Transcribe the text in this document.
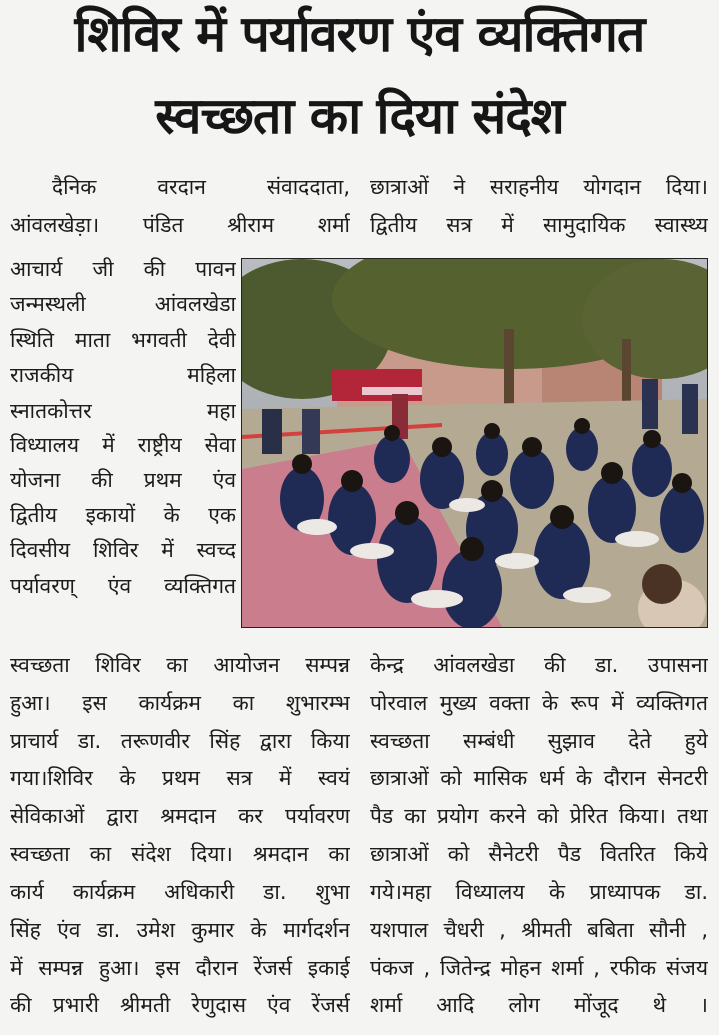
शिविर में पर्यावरण एंव व्यक्तिगत
स्वच्छता का दिया संदेश
दैनिक वरदान संवाददाता,
आंवलखेड़ा। पंडित श्रीराम शर्मा
आचार्य जी की पावन
जन्मस्थली आंवलखेडा
स्थिति माता भगवती देवी
राजकीय महिला
स्नातकोत्तर महा
विध्यालय में राष्ट्रीय सेवा
योजना की प्रथम एंव
द्वितीय इकायों के एक
दिवसीय शिविर में स्वच्द
पर्यावरण् एंव व्यक्तिगत
स्वच्छता शिविर का आयोजन सम्पन्न
हुआ। इस कार्यक्रम का शुभारम्भ
प्राचार्य डा. तरूणवीर सिंह द्वारा किया
गया।शिविर के प्रथम सत्र में स्वयं
सेविकाओं द्वारा श्रमदान कर पर्यावरण
स्वच्छता का संदेश दिया। श्रमदान का
कार्य कार्यक्रम अधिकारी डा. शुभा
सिंह एंव डा. उमेश कुमार के मार्गदर्शन
में सम्पन्न हुआ। इस दौरान रेंजर्स इकाई
की प्रभारी श्रीमती रेणुदास एंव रेंजर्स
छात्राओं ने सराहनीय योगदान दिया।
द्वितीय सत्र में सामुदायिक स्वास्थ्य
केन्द्र आंवलखेडा की डा. उपासना
पोरवाल मुख्य वक्ता के रूप में व्यक्तिगत
स्वच्छता सम्बंधी सुझाव देते हुये
छात्राओं को मासिक धर्म के दौरान सेनटरी
पैड का प्रयोग करने को प्रेरित किया। तथा
छात्राओं को सैनेटरी पैड वितरित किये
गये।महा विध्यालय के प्राध्यापक डा.
यशपाल चैधरी , श्रीमती बबिता सौनी ,
पंकज , जितेन्द्र मोहन शर्मा , रफीक संजय
शर्मा आदि लोग मोंजूद थे ।
